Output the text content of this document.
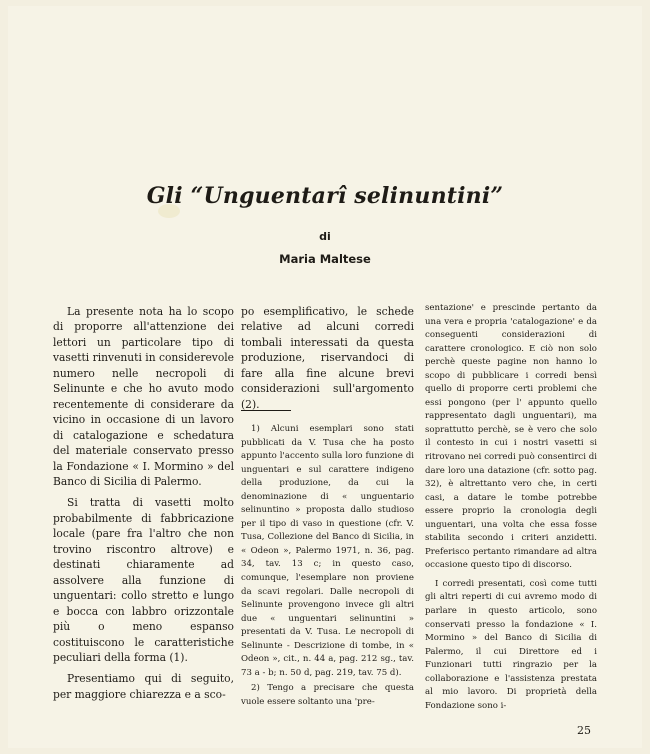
Gli “Unguentarî selinuntini”
di
Maria Maltese

La presente nota ha lo scopo di proporre all'attenzione dei lettori un particolare tipo di vasetti rinvenuti in considerevole numero nelle necropoli di Selinunte e che ho avuto modo recentemente di considerare da vicino in occasione di un lavoro di catalogazione e schedatura del materiale conservato presso la Fondazione « I. Mormino » del Banco di Sicilia di Palermo.

Si tratta di vasetti molto probabilmente di fabbricazione locale (pare fra l'altro che non trovino riscontro altrove) e destinati chiaramente ad assolvere alla funzione di unguentari: collo stretto e lungo e bocca con labbro orizzontale più o meno espanso costituiscono le caratteristiche peculiari della forma (1).

Presentiamo qui di seguito, per maggiore chiarezza e a sco-

po esemplificativo, le schede relative ad alcuni corredi tombali interessati da questa produzione, riservandoci di fare alla fine alcune brevi considerazioni sull'argomento (2).

1) Alcuni esemplari sono stati pubblicati da V. Tusa che ha posto appunto l'accento sulla loro funzione di unguentari e sul carattere indigeno della produzione, da cui la denominazione di « unguentario selinuntino » proposta dallo studioso per il tipo di vaso in questione (cfr. V. Tusa, Collezione del Banco di Sicilia, in « Odeon », Palermo 1971, n. 36, pag. 34, tav. 13 c; in questo caso, comunque, l'esemplare non proviene da scavi regolari. Dalle necropoli di Selinunte provengono invece gli altri due « unguentari selinuntini » presentati da V. Tusa. Le necropoli di Selinunte - Descrizione di tombe, in « Odeon », cit., n. 44 a, pag. 212 sg., tav. 73 a - b; n. 50 d, pag. 219, tav. 75 d).

2) Tengo a precisare che questa vuole essere soltanto una 'pre-

sentazione' e prescinde pertanto da una vera e propria 'catalogazione' e da conseguenti considerazioni di carattere cronologico. E ciò non solo perchè queste pagine non hanno lo scopo di pubblicare i corredi bensì quello di proporre certi problemi che essi pongono (per l' appunto quello rappresentato dagli unguentari), ma soprattutto perchè, se è vero che solo il contesto in cui i nostri vasetti si ritrovano nei corredi può consentirci di dare loro una datazione (cfr. sotto pag. 32), è altrettanto vero che, in certi casi, a datare le tombe potrebbe essere proprio la cronologia degli unguentari, una volta che essa fosse stabilita secondo i criteri anzidetti. Preferisco pertanto rimandare ad altra occasione questo tipo di discorso.

I corredi presentati, così come tutti gli altri reperti di cui avremo modo di parlare in questo articolo, sono conservati presso la fondazione « I. Mormino » del Banco di Sicilia di Palermo, il cui Direttore ed i Funzionari tutti ringrazio per la collaborazione e l'assistenza prestata al mio lavoro. Di proprietà della Fondazione sono i-

25
